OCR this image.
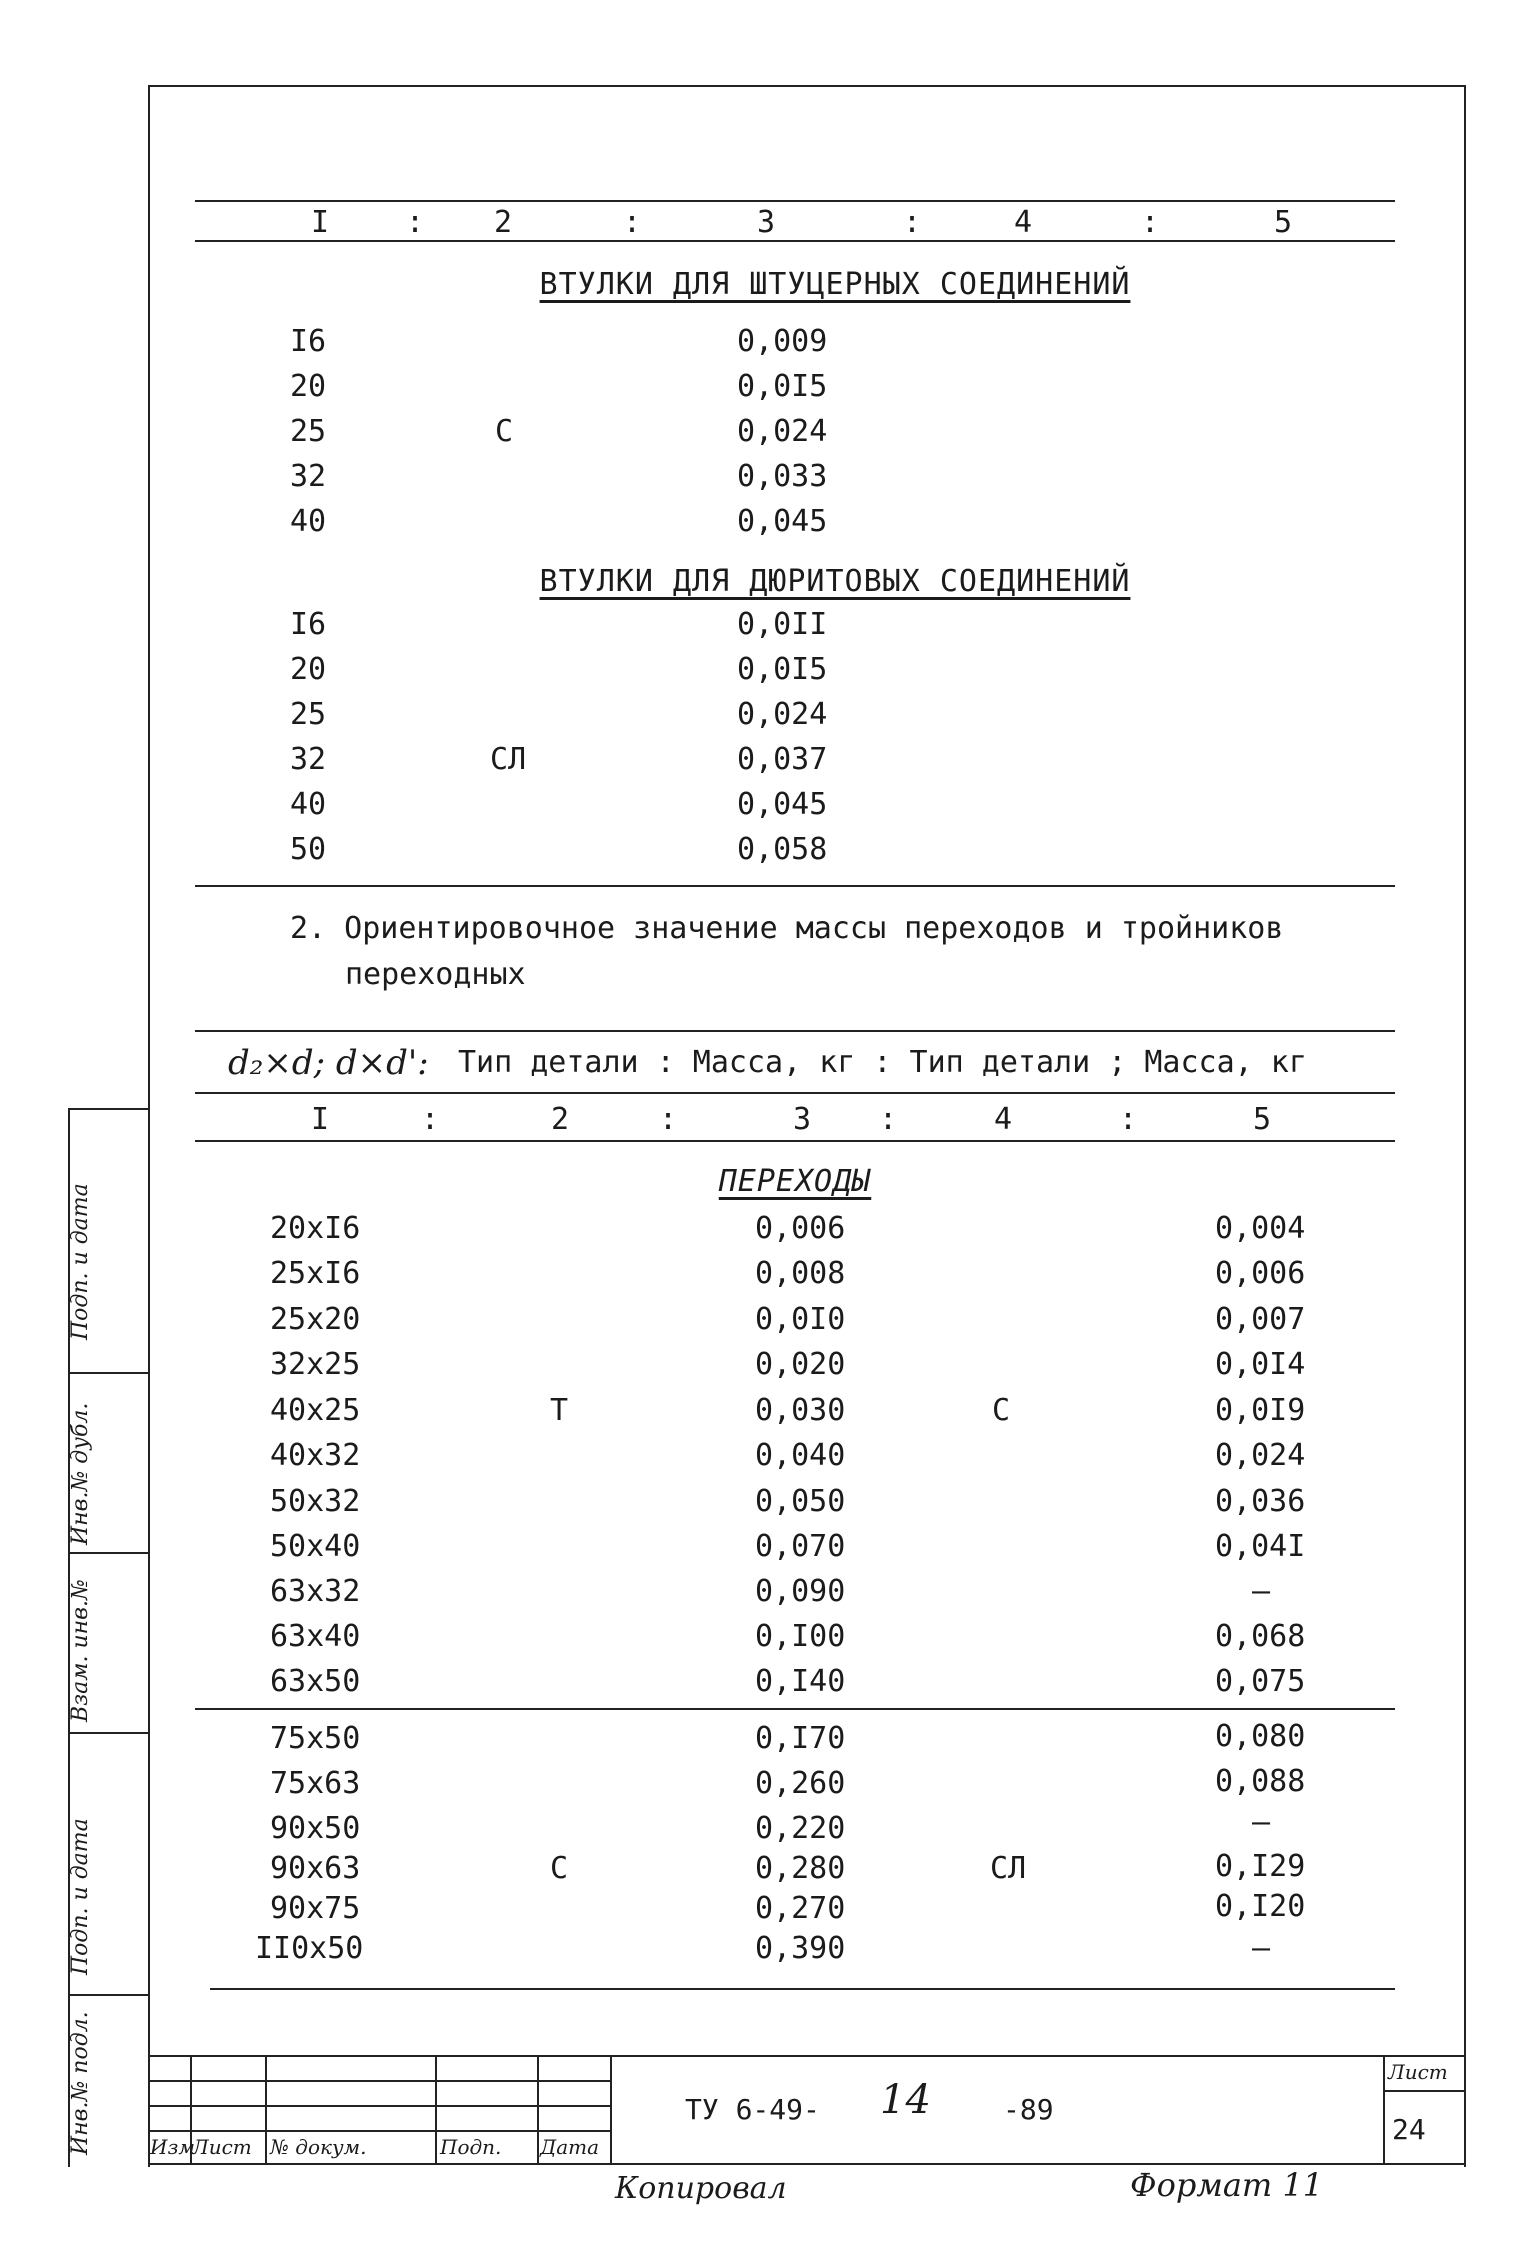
I	: 2	:	3	:	4	:	5
ВТУЛКИ ДЛЯ ШТУЦЕРНЫХ СОЕДИНЕНИЙ
I6	0,009
20	0,0I5
25	С	0,024
32	0,033
40	0,045
ВТУЛКИ ДЛЯ ДЮРИТОВЫХ СОЕДИНЕНИЙ
I6	0,0II
20	0,0I5
25	0,024
32	СЛ	0,037
40	0,045
50	0,058
2. Ориентировочное значение массы переходов и тройников
переходных
d₂×d; d×d': Тип детали : Масса, кг : Тип детали ; Масса, кг
I	:	2	:	3 :	4	:	5
ПЕРЕХОДЫ
20хI6	0,006	0,004
25хI6	0,008	0,006
25х20	0,0I0	0,007
32х25	0,020	0,0I4
40х25	Т	0,030	С	0,0I9
40х32	0,040	0,024
50х32	0,050	0,036
50х40	0,070	0,04I
63х32	0,090	–
63х40	0,I00	0,068
63х50	0,I40	0,075
75х50	0,I70	0,080
75х63	0,260	0,088
90х50	0,220	–
90х63	С	0,280	СЛ	0,I29
90х75	0,270	0,I20
II0х50	0,390	–
Подп. и дата
Инв.№ дубл.
Взам. инв.№
Подп. и дата
Инв.№ подл.	Изм
Лист № докум.	Подп. Дата
ТУ 6-49- 14	-89
Лист
24
Копировал	Формат 11
